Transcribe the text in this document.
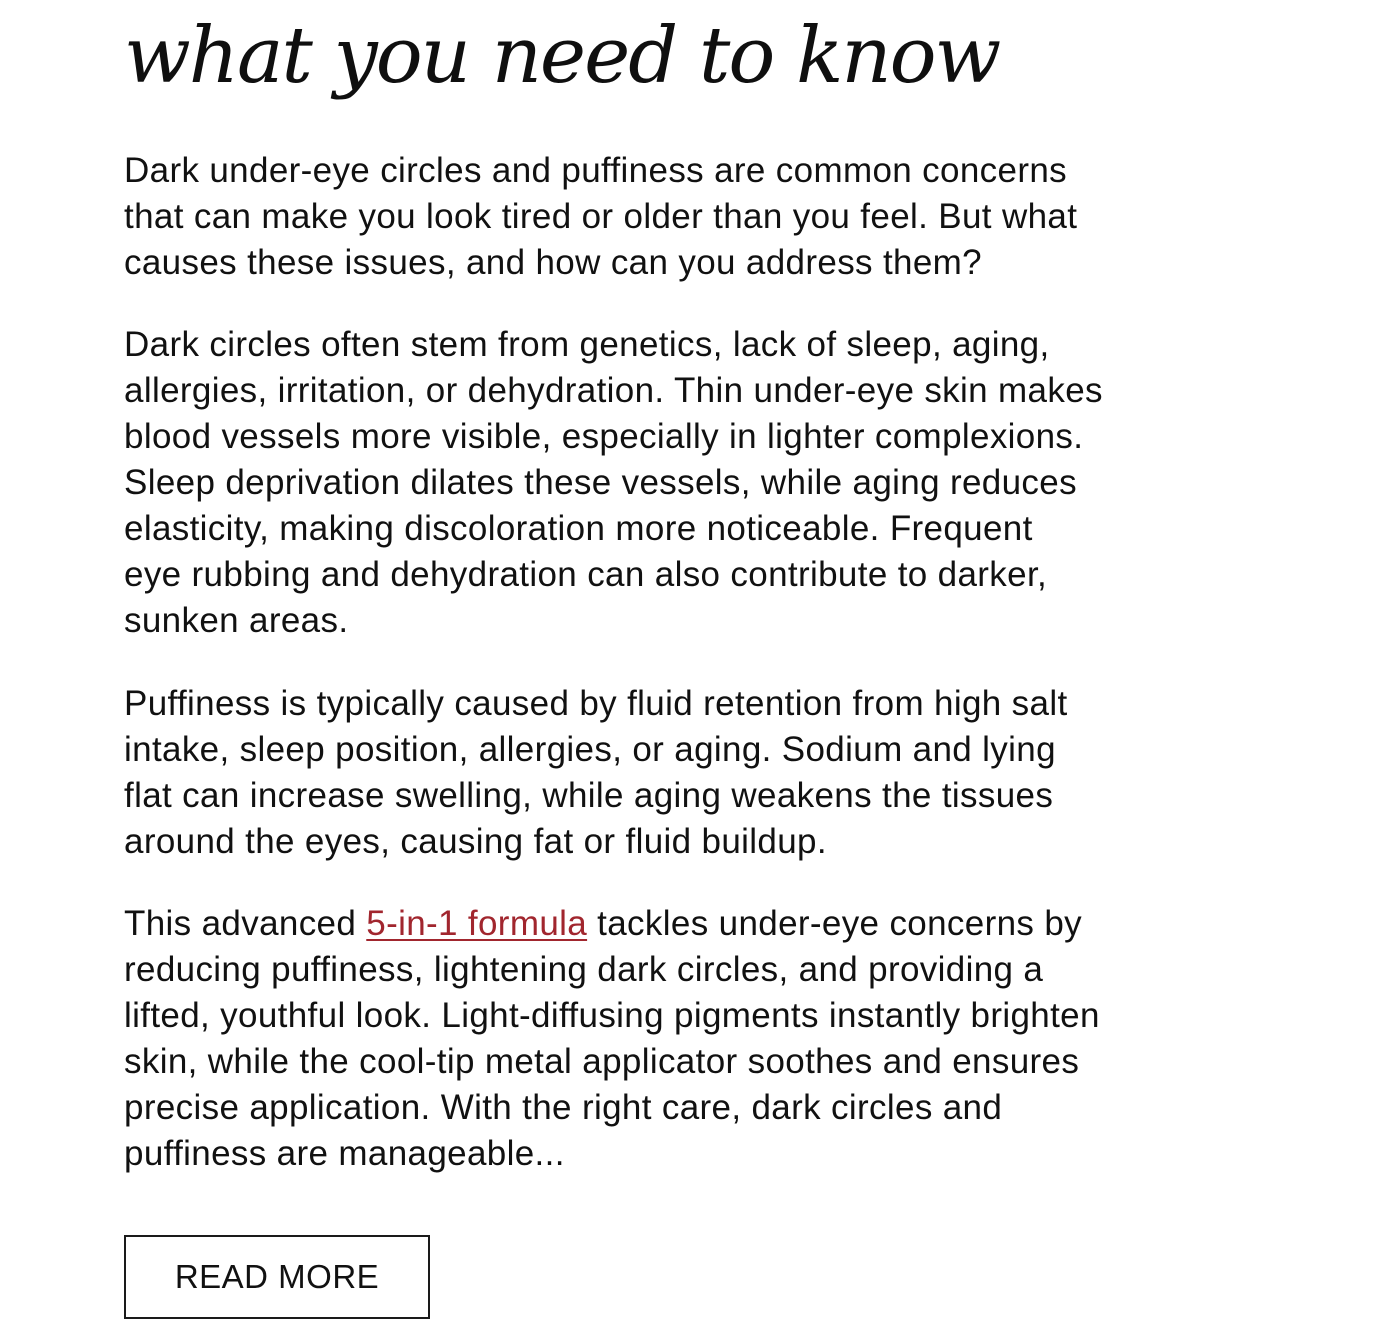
what you need to know

Dark under-eye circles and puffiness are common concerns
that can make you look tired or older than you feel. But what
causes these issues, and how can you address them?

Dark circles often stem from genetics, lack of sleep, aging,
allergies, irritation, or dehydration. Thin under-eye skin makes
blood vessels more visible, especially in lighter complexions.
Sleep deprivation dilates these vessels, while aging reduces
elasticity, making discoloration more noticeable. Frequent
eye rubbing and dehydration can also contribute to darker,
sunken areas.

Puffiness is typically caused by fluid retention from high salt
intake, sleep position, allergies, or aging. Sodium and lying
flat can increase swelling, while aging weakens the tissues
around the eyes, causing fat or fluid buildup.

This advanced 5-in-1 formula tackles under-eye concerns by
reducing puffiness, lightening dark circles, and providing a
lifted, youthful look. Light-diffusing pigments instantly brighten
skin, while the cool-tip metal applicator soothes and ensures
precise application. With the right care, dark circles and
puffiness are manageable...

READ MORE
